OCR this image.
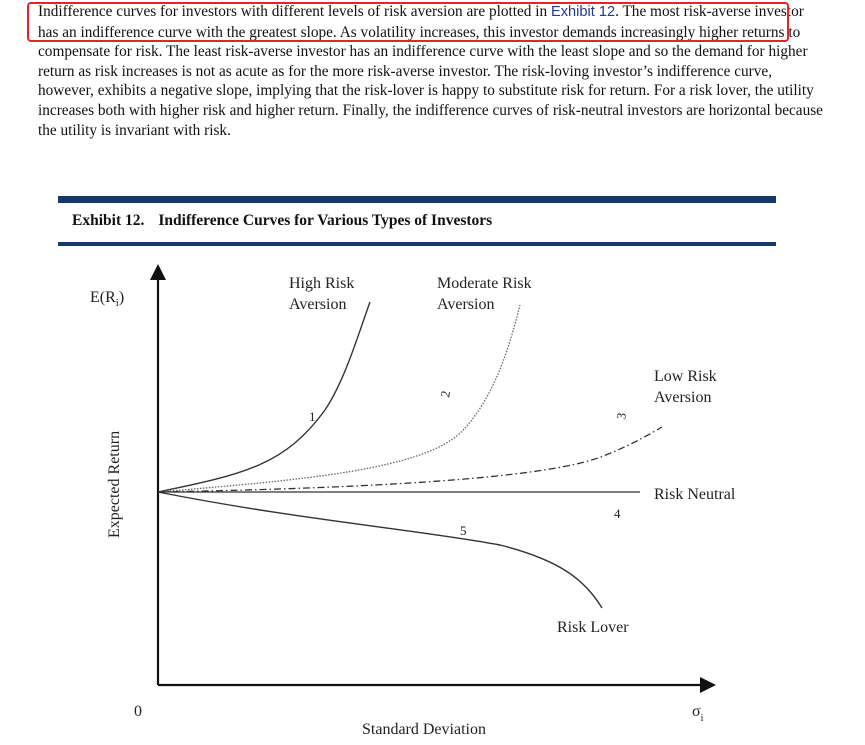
Indifference curves for investors with different levels of risk aversion are plotted in Exhibit 12. The most risk-averse investor has an indifference curve with the greatest slope. As volatility increases, this investor demands increasingly higher returns to compensate for risk. The least risk-averse investor has an indifference curve with the least slope and so the demand for higher return as risk increases is not as acute as for the more risk-averse investor. The risk-loving investor’s indifference curve, however, exhibits a negative slope, implying that the risk-lover is happy to substitute risk for return. For a risk lover, the utility increases both with higher risk and higher return. Finally, the indifference curves of risk-neutral investors are horizontal because the utility is invariant with risk.

Exhibit 12. Indifference Curves for Various Types of Investors

$E(R_i)$
Expected Return
0
Standard Deviation
$\sigma_i$
High Risk
Aversion
Moderate Risk
Aversion
Low Risk
Aversion
Risk Neutral
Risk Lover
1
2
3
4
5
